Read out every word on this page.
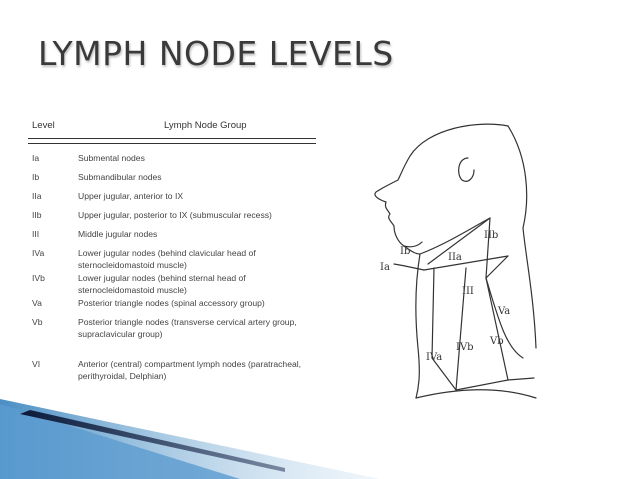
LYMPH NODE LEVELS
Level	Lymph Node Group
Ia	Submental nodes
Ib	Submandibular nodes
IIa	Upper jugular, anterior to IX
IIb	Upper jugular, posterior to IX (submuscular recess)
III	Middle jugular nodes
IVa	Lower jugular nodes (behind clavicular head of sternocleidomastoid muscle)
IVb	Lower jugular nodes (behind sternal head of sternocleidomastoid muscle)
Va	Posterior triangle nodes (spinal accessory group)
Vb	Posterior triangle nodes (transverse cervical artery group, supraclavicular group)
VI	Anterior (central) compartment lymph nodes (paratracheal, perithyroidal, Delphian)
IIb
IIa
Ib
Ia
III
Va
Vb
IVb
IVa
